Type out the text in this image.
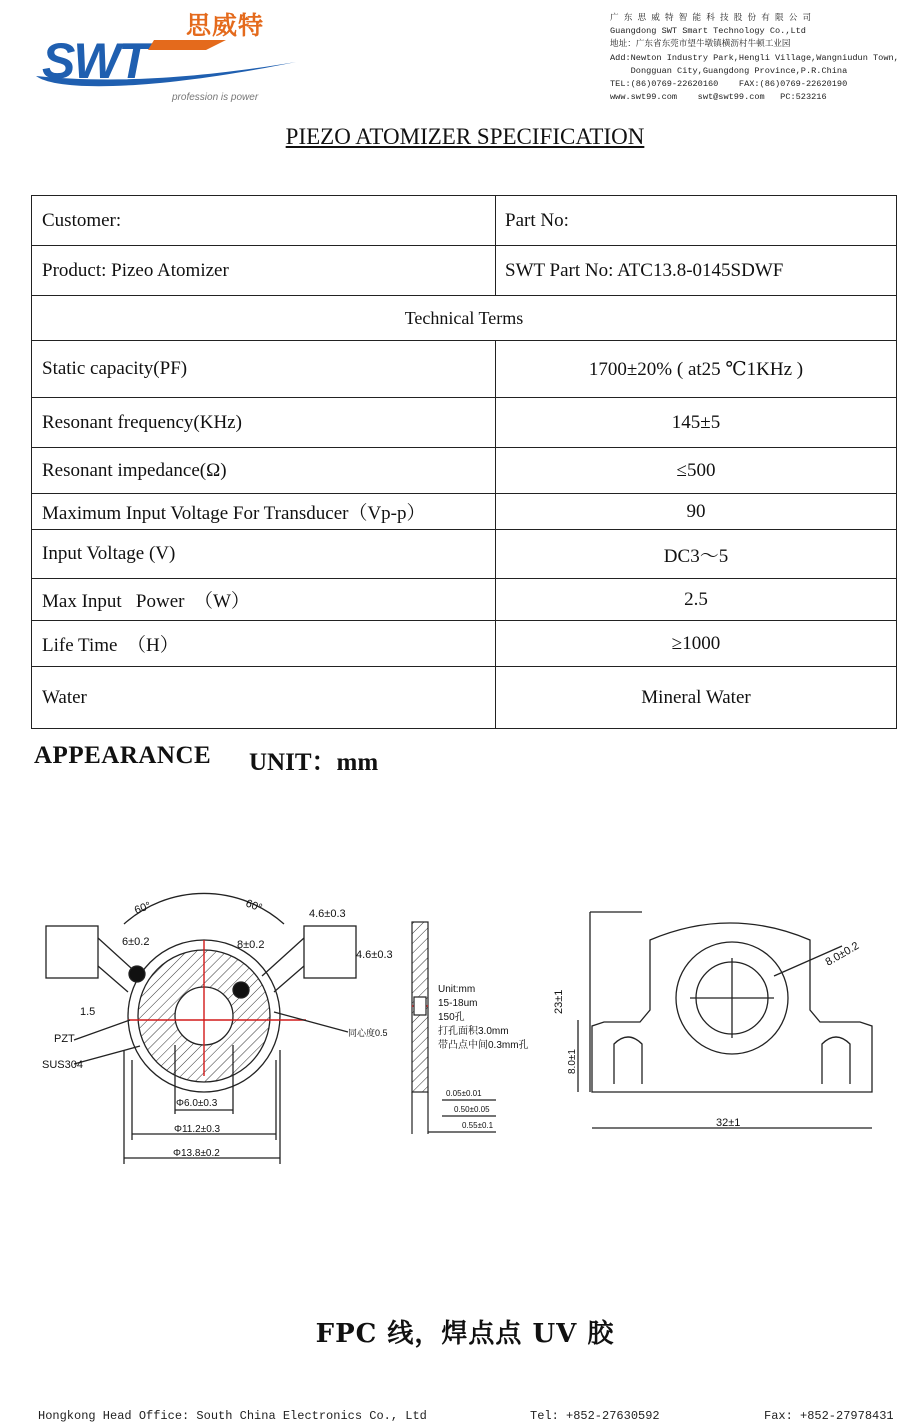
SWT
思威特
profession is power
广 东 思 威 特 智 能 科 技 股 份 有 限 公 司
Guangdong SWT Smart Technology Co.,Ltd
地址：广东省东莞市望牛墩镇横沥村牛顿工业园
Add:Newton Industry Park,Hengli Village,Wangniudun Town,
Dongguan City,Guangdong Province,P.R.China
TEL:(86)0769-22620160    FAX:(86)0769-22620190
www.swt99.com    swt@swt99.com   PC:523216
PIEZO ATOMIZER SPECIFICATION
Customer:	Part No:
Product: Pizeo Atomizer	SWT Part No: ATC13.8-0145SDWF
Technical Terms	
Static capacity(PF)	1700±20% ( at25 ℃1KHz )
Resonant frequency(KHz)	145±5
Resonant impedance(Ω)	≤500
Maximum Input Voltage For Transducer（Vp-p）	90
Input Voltage (V)	DC3～5
Max Input   Power  （W）	2.5
Life Time  （H）	≥1000
Water	Mineral Water
APPEARANCE UNIT：mm
60°	60°
6±0.2	8±0.2
4.6±0.3
4.6±0.3
1.5
PZT
SUS304
同心度0.5
Φ6.0±0.3
Φ11.2±0.3
Φ13.8±0.2
Unit:mm
15-18um
150孔
打孔面积3.0mm
带凸点中间0.3mm孔
0.05±0.01
0.50±0.05
0.55±0.1
23±1
8.0±1
32±1
8.0±0.2
FPC 线，焊点点 UV 胶
Hongkong Head Office: South China Electronics Co., Ltd	Tel: +852-27630592	Fax: +852-27978431
